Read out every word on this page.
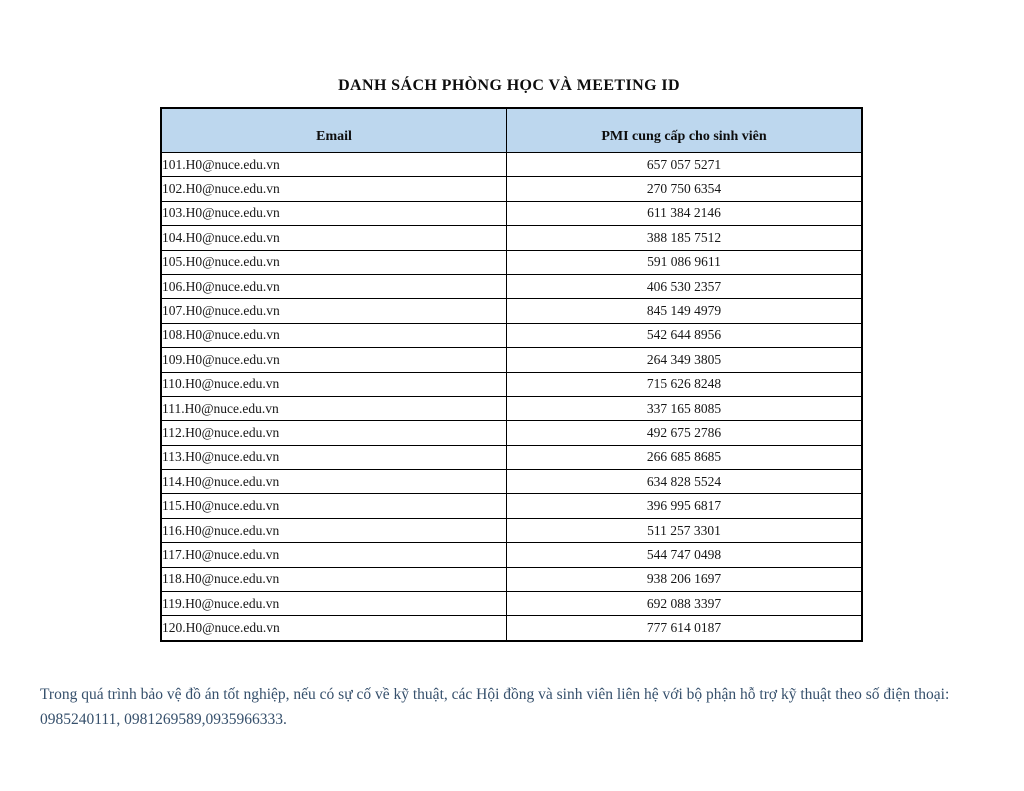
DANH SÁCH PHÒNG HỌC VÀ MEETING ID
Email	PMI cung cấp cho sinh viên
101.H0@nuce.edu.vn	657 057 5271
102.H0@nuce.edu.vn	270 750 6354
103.H0@nuce.edu.vn	611 384 2146
104.H0@nuce.edu.vn	388 185 7512
105.H0@nuce.edu.vn	591 086 9611
106.H0@nuce.edu.vn	406 530 2357
107.H0@nuce.edu.vn	845 149 4979
108.H0@nuce.edu.vn	542 644 8956
109.H0@nuce.edu.vn	264 349 3805
110.H0@nuce.edu.vn	715 626 8248
111.H0@nuce.edu.vn	337 165 8085
112.H0@nuce.edu.vn	492 675 2786
113.H0@nuce.edu.vn	266 685 8685
114.H0@nuce.edu.vn	634 828 5524
115.H0@nuce.edu.vn	396 995 6817
116.H0@nuce.edu.vn	511 257 3301
117.H0@nuce.edu.vn	544 747 0498
118.H0@nuce.edu.vn	938 206 1697
119.H0@nuce.edu.vn	692 088 3397
120.H0@nuce.edu.vn	777 614 0187

Trong quá trình bảo vệ đồ án tốt nghiệp, nếu có sự cố về kỹ thuật, các Hội đồng và sinh viên liên hệ với bộ phận hỗ trợ kỹ thuật theo số điện thoại:
0985240111, 0981269589,0935966333.
